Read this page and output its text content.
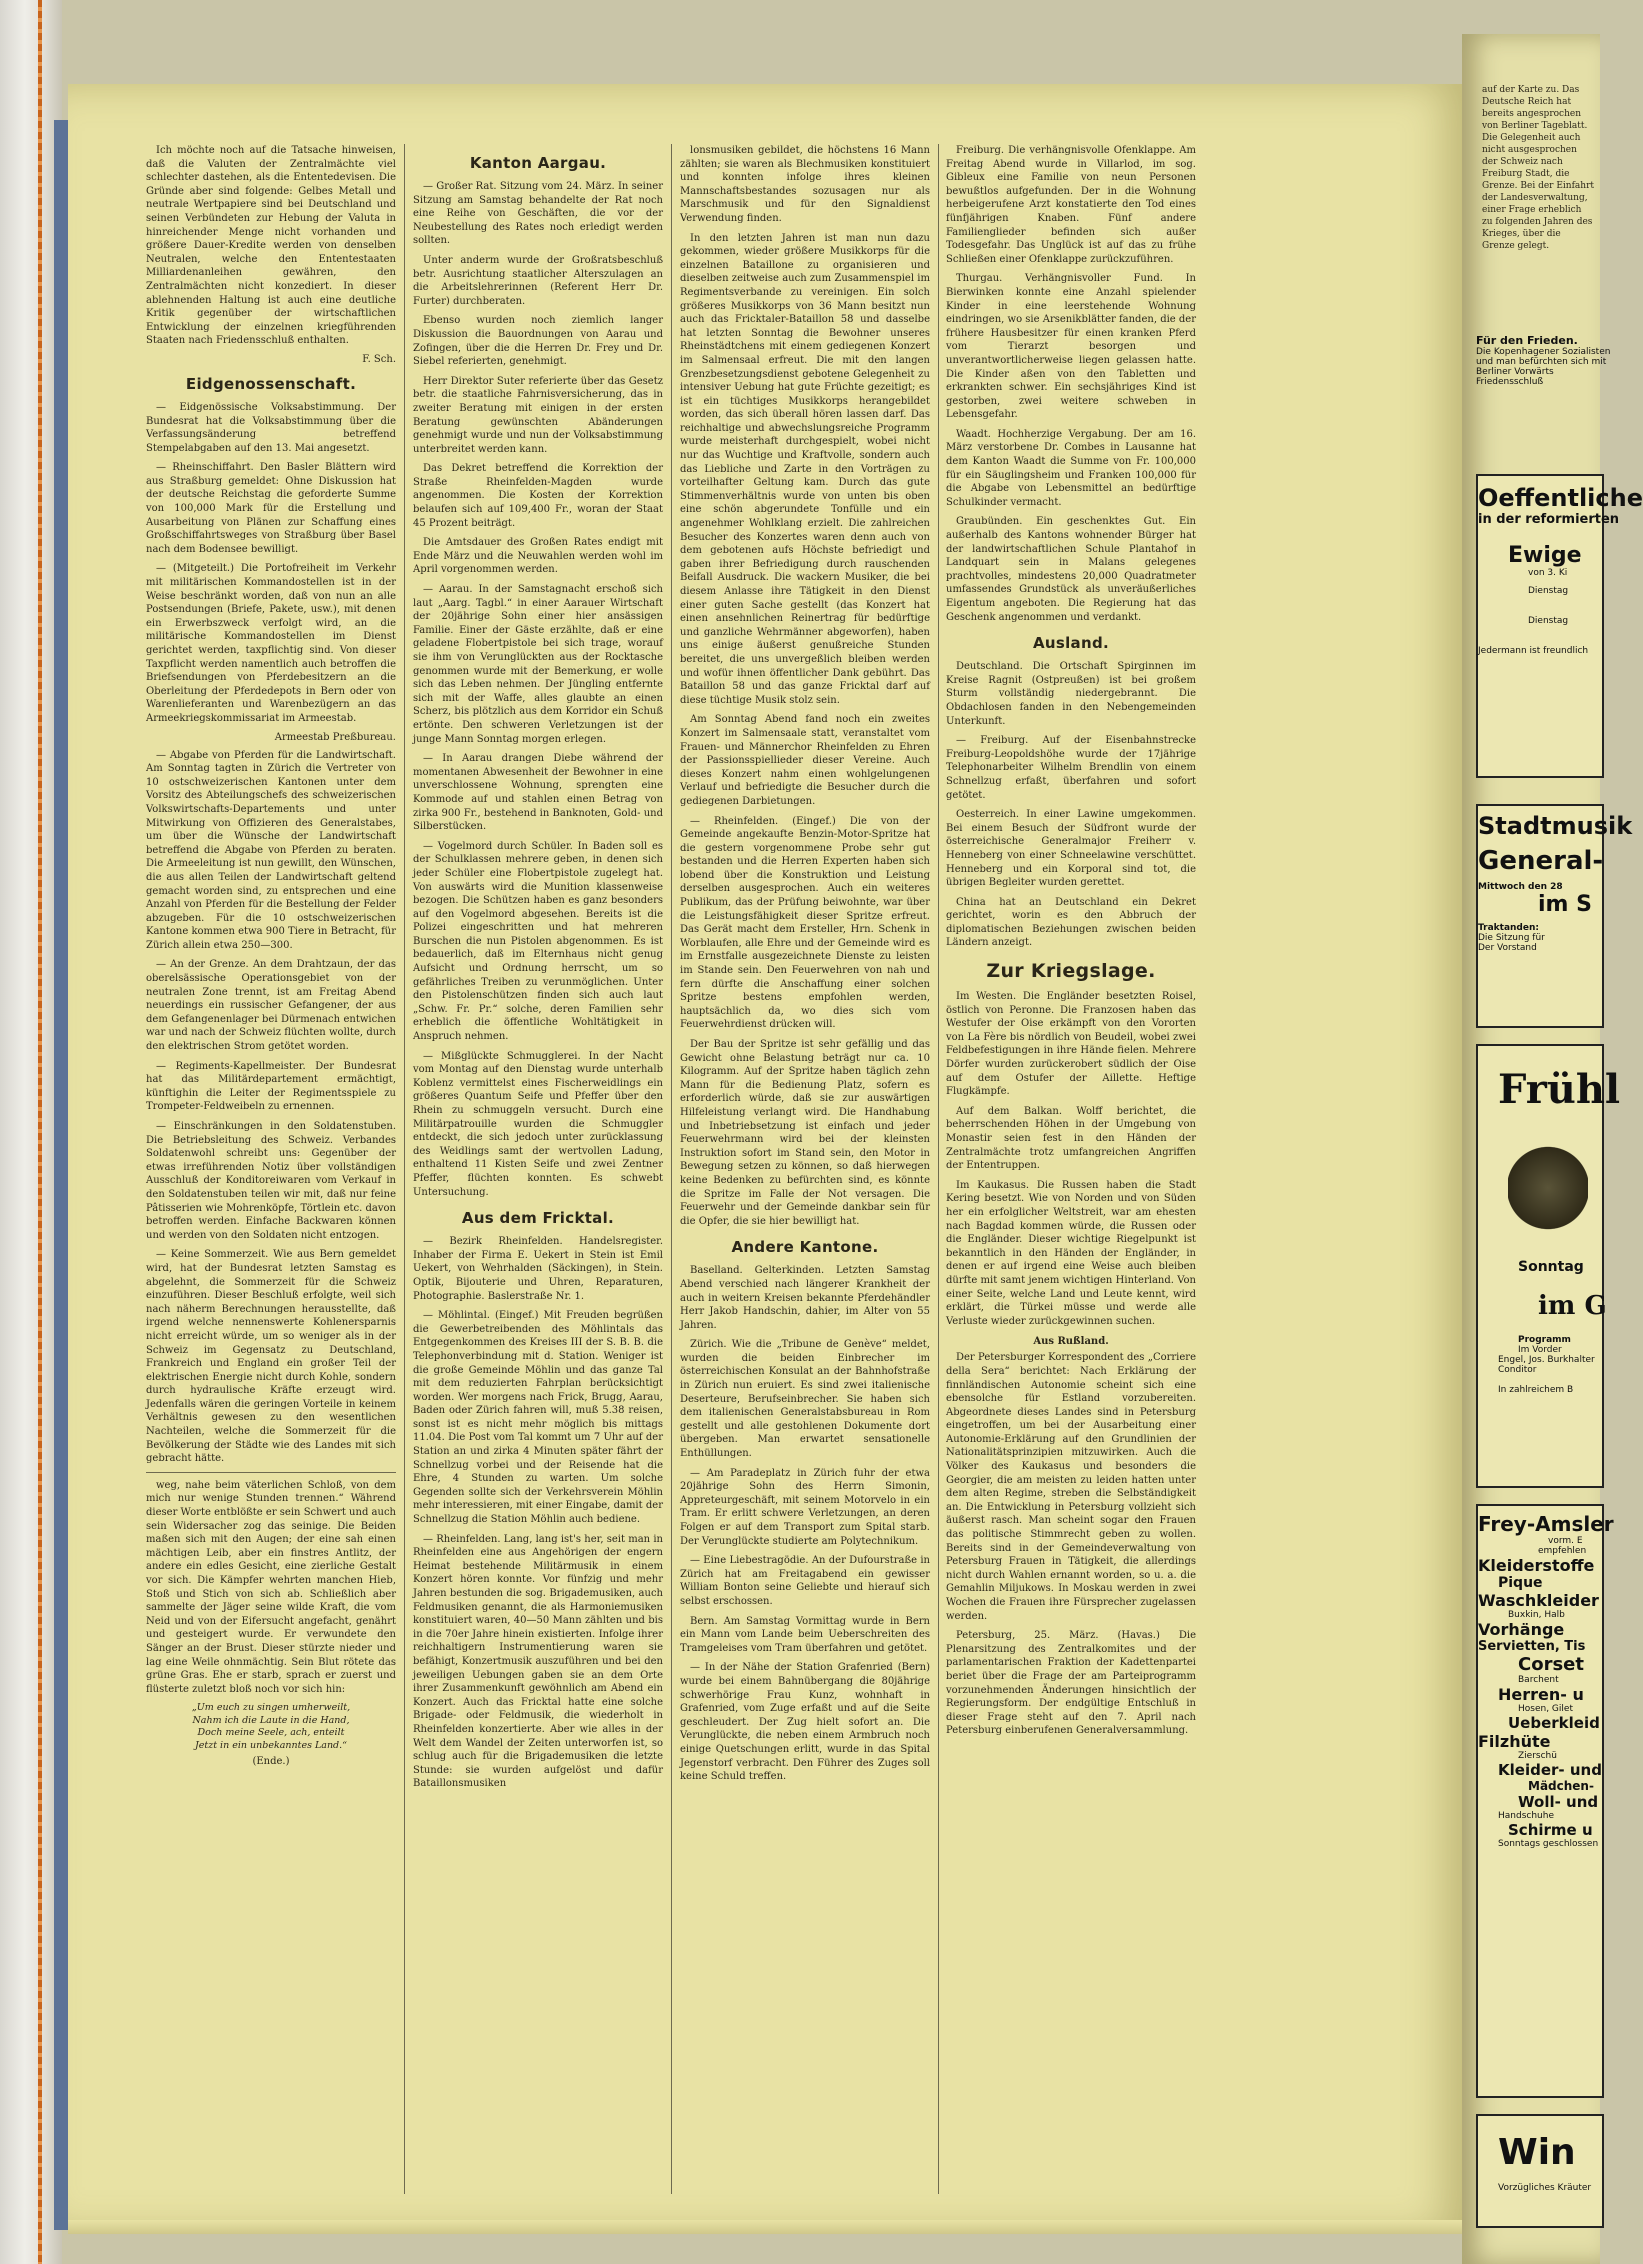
Ich möchte noch auf die Tatsache hinweisen, daß die Valuten der Zentralmächte viel schlechter dastehen, als die Ententedevisen. Die Gründe aber sind folgende: Gelbes Metall und neutrale Wertpapiere sind bei Deutschland und seinen Verbündeten zur Hebung der Valuta in hinreichender Menge nicht vorhanden und größere Dauer-Kredite werden von denselben Neutralen, welche den Ententestaaten Milliardenanleihen gewähren, den Zentralmächten nicht konzediert. In dieser ablehnenden Haltung ist auch eine deutliche Kritik gegenüber der wirtschaftlichen Entwicklung der einzelnen kriegführenden Staaten nach Friedensschluß enthalten.

F. Sch.

Eidgenossenschaft.

— Eidgenössische Volksabstimmung. Der Bundesrat hat die Volksabstimmung über die Verfassungsänderung betreffend Stempelabgaben auf den 13. Mai angesetzt.

— Rheinschiffahrt. Den Basler Blättern wird aus Straßburg gemeldet: Ohne Diskussion hat der deutsche Reichstag die geforderte Summe von 100,000 Mark für die Erstellung und Ausarbeitung von Plänen zur Schaffung eines Großschiffahrtsweges von Straßburg über Basel nach dem Bodensee bewilligt.

— (Mitgeteilt.) Die Portofreiheit im Verkehr mit militärischen Kommandostellen ist in der Weise beschränkt worden, daß von nun an alle Postsendungen (Briefe, Pakete, usw.), mit denen ein Erwerbszweck verfolgt wird, an die militärische Kommandostellen im Dienst gerichtet werden, taxpflichtig sind. Von dieser Taxpflicht werden namentlich auch betroffen die Briefsendungen von Pferdebesitzern an die Oberleitung der Pferdedepots in Bern oder von Warenlieferanten und Warenbezügern an das Armeekriegskommissariat im Armeestab.

Armeestab Preßbureau.

— Abgabe von Pferden für die Landwirtschaft. Am Sonntag tagten in Zürich die Vertreter von 10 ostschweizerischen Kantonen unter dem Vorsitz des Abteilungschefs des schweizerischen Volkswirtschafts-Departements und unter Mitwirkung von Offizieren des Generalstabes, um über die Wünsche der Landwirtschaft betreffend die Abgabe von Pferden zu beraten. Die Armeeleitung ist nun gewillt, den Wünschen, die aus allen Teilen der Landwirtschaft geltend gemacht worden sind, zu entsprechen und eine Anzahl von Pferden für die Bestellung der Felder abzugeben. Für die 10 ostschweizerischen Kantone kommen etwa 900 Tiere in Betracht, für Zürich allein etwa 250—300.

— An der Grenze. An dem Drahtzaun, der das oberelsässische Operationsgebiet von der neutralen Zone trennt, ist am Freitag Abend neuerdings ein russischer Gefangener, der aus dem Gefangenenlager bei Dürmenach entwichen war und nach der Schweiz flüchten wollte, durch den elektrischen Strom getötet worden.

— Regiments-Kapellmeister. Der Bundesrat hat das Militärdepartement ermächtigt, künftighin die Leiter der Regimentsspiele zu Trompeter-Feldweibeln zu ernennen.

— Einschränkungen in den Soldatenstuben. Die Betriebsleitung des Schweiz. Verbandes Soldatenwohl schreibt uns: Gegenüber der etwas irreführenden Notiz über vollständigen Ausschluß der Konditoreiwaren vom Verkauf in den Soldatenstuben teilen wir mit, daß nur feine Pâtisserien wie Mohrenköpfe, Törtlein etc. davon betroffen werden. Einfache Backwaren können und werden von den Soldaten nicht entzogen.

— Keine Sommerzeit. Wie aus Bern gemeldet wird, hat der Bundesrat letzten Samstag es abgelehnt, die Sommerzeit für die Schweiz einzuführen. Dieser Beschluß erfolgte, weil sich nach näherm Berechnungen herausstellte, daß irgend welche nennenswerte Kohlenersparnis nicht erreicht würde, um so weniger als in der Schweiz im Gegensatz zu Deutschland, Frankreich und England ein großer Teil der elektrischen Energie nicht durch Kohle, sondern durch hydraulische Kräfte erzeugt wird. Jedenfalls wären die geringen Vorteile in keinem Verhältnis gewesen zu den wesentlichen Nachteilen, welche die Sommerzeit für die Bevölkerung der Städte wie des Landes mit sich gebracht hätte.

weg, nahe beim väterlichen Schloß, von dem mich nur wenige Stunden trennen.“ Während dieser Worte entblößte er sein Schwert und auch sein Widersacher zog das seinige. Die Beiden maßen sich mit den Augen; der eine sah einen mächtigen Leib, aber ein finstres Antlitz, der andere ein edles Gesicht, eine zierliche Gestalt vor sich. Die Kämpfer wehrten manchen Hieb, Stoß und Stich von sich ab. Schließlich aber sammelte der Jäger seine wilde Kraft, die vom Neid und von der Eifersucht angefacht, genährt und gesteigert wurde. Er verwundete den Sänger an der Brust. Dieser stürzte nieder und lag eine Weile ohnmächtig. Sein Blut rötete das grüne Gras. Ehe er starb, sprach er zuerst und flüsterte zuletzt bloß noch vor sich hin:

„Um euch zu singen umherweilt,
Nahm ich die Laute in die Hand,
Doch meine Seele, ach, enteilt
Jetzt in ein unbekanntes Land.“

(Ende.)

Kanton Aargau.

— Großer Rat. Sitzung vom 24. März. In seiner Sitzung am Samstag behandelte der Rat noch eine Reihe von Geschäften, die vor der Neubestellung des Rates noch erledigt werden sollten.

Unter anderm wurde der Großratsbeschluß betr. Ausrichtung staatlicher Alterszulagen an die Arbeitslehrerinnen (Referent Herr Dr. Furter) durchberaten.

Ebenso wurden noch ziemlich langer Diskussion die Bauordnungen von Aarau und Zofingen, über die die Herren Dr. Frey und Dr. Siebel referierten, genehmigt.

Herr Direktor Suter referierte über das Gesetz betr. die staatliche Fahrnisversicherung, das in zweiter Beratung mit einigen in der ersten Beratung gewünschten Abänderungen genehmigt wurde und nun der Volksabstimmung unterbreitet werden kann.

Das Dekret betreffend die Korrektion der Straße Rheinfelden-Magden wurde angenommen. Die Kosten der Korrektion belaufen sich auf 109,400 Fr., woran der Staat 45 Prozent beiträgt.

Die Amtsdauer des Großen Rates endigt mit Ende März und die Neuwahlen werden wohl im April vorgenommen werden.

— Aarau. In der Samstagnacht erschoß sich laut „Aarg. Tagbl.“ in einer Aarauer Wirtschaft der 20jährige Sohn einer hier ansässigen Familie. Einer der Gäste erzählte, daß er eine geladene Flobertpistole bei sich trage, worauf sie ihm von Verunglückten aus der Rocktasche genommen wurde mit der Bemerkung, er wolle sich das Leben nehmen. Der Jüngling entfernte sich mit der Waffe, alles glaubte an einen Scherz, bis plötzlich aus dem Korridor ein Schuß ertönte. Den schweren Verletzungen ist der junge Mann Sonntag morgen erlegen.

— In Aarau drangen Diebe während der momentanen Abwesenheit der Bewohner in eine unverschlossene Wohnung, sprengten eine Kommode auf und stahlen einen Betrag von zirka 900 Fr., bestehend in Banknoten, Gold- und Silberstücken.

— Vogelmord durch Schüler. In Baden soll es der Schulklassen mehrere geben, in denen sich jeder Schüler eine Flobertpistole zugelegt hat. Von auswärts wird die Munition klassenweise bezogen. Die Schützen haben es ganz besonders auf den Vogelmord abgesehen. Bereits ist die Polizei eingeschritten und hat mehreren Burschen die nun Pistolen abgenommen. Es ist bedauerlich, daß im Elternhaus nicht genug Aufsicht und Ordnung herrscht, um so gefährliches Treiben zu verunmöglichen. Unter den Pistolenschützen finden sich auch laut „Schw. Fr. Pr.“ solche, deren Familien sehr erheblich die öffentliche Wohltätigkeit in Anspruch nehmen.

— Mißglückte Schmugglerei. In der Nacht vom Montag auf den Dienstag wurde unterhalb Koblenz vermittelst eines Fischerweidlings ein größeres Quantum Seife und Pfeffer über den Rhein zu schmuggeln versucht. Durch eine Militärpatrouille wurden die Schmuggler entdeckt, die sich jedoch unter zurücklassung des Weidlings samt der wertvollen Ladung, enthaltend 11 Kisten Seife und zwei Zentner Pfeffer, flüchten konnten. Es schwebt Untersuchung.

Aus dem Fricktal.

— Bezirk Rheinfelden. Handelsregister. Inhaber der Firma E. Uekert in Stein ist Emil Uekert, von Wehrhalden (Säckingen), in Stein. Optik, Bijouterie und Uhren, Reparaturen, Photographie. Baslerstraße Nr. 1.

— Möhlintal. (Eingef.) Mit Freuden begrüßen die Gewerbetreibenden des Möhlintals das Entgegenkommen des Kreises III der S. B. B. die Telephonverbindung mit d. Station. Weniger ist die große Gemeinde Möhlin und das ganze Tal mit dem reduzierten Fahrplan berücksichtigt worden. Wer morgens nach Frick, Brugg, Aarau, Baden oder Zürich fahren will, muß 5.38 reisen, sonst ist es nicht mehr möglich bis mittags 11.04. Die Post vom Tal kommt um 7 Uhr auf der Station an und zirka 4 Minuten später fährt der Schnellzug vorbei und der Reisende hat die Ehre, 4 Stunden zu warten. Um solche Gegenden sollte sich der Verkehrsverein Möhlin mehr interessieren, mit einer Eingabe, damit der Schnellzug die Station Möhlin auch bediene.

— Rheinfelden. Lang, lang ist's her, seit man in Rheinfelden eine aus Angehörigen der engern Heimat bestehende Militärmusik in einem Konzert hören konnte. Vor fünfzig und mehr Jahren bestunden die sog. Brigademusiken, auch Feldmusiken genannt, die als Harmoniemusiken konstituiert waren, 40—50 Mann zählten und bis in die 70er Jahre hinein existierten. Infolge ihrer reichhaltigern Instrumentierung waren sie befähigt, Konzertmusik auszuführen und bei den jeweiligen Uebungen gaben sie an dem Orte ihrer Zusammenkunft gewöhnlich am Abend ein Konzert. Auch das Fricktal hatte eine solche Brigade- oder Feldmusik, die wiederholt in Rheinfelden konzertierte. Aber wie alles in der Welt dem Wandel der Zeiten unterworfen ist, so schlug auch für die Brigademusiken die letzte Stunde: sie wurden aufgelöst und dafür Bataillonsmusiken

lonsmusiken gebildet, die höchstens 16 Mann zählten; sie waren als Blechmusiken konstituiert und konnten infolge ihres kleinen Mannschaftsbestandes sozusagen nur als Marschmusik und für den Signaldienst Verwendung finden.

In den letzten Jahren ist man nun dazu gekommen, wieder größere Musikkorps für die einzelnen Bataillone zu organisieren und dieselben zeitweise auch zum Zusammenspiel im Regimentsverbande zu vereinigen. Ein solch größeres Musikkorps von 36 Mann besitzt nun auch das Fricktaler-Bataillon 58 und dasselbe hat letzten Sonntag die Bewohner unseres Rheinstädtchens mit einem gediegenen Konzert im Salmensaal erfreut. Die mit den langen Grenzbesetzungsdienst gebotene Gelegenheit zu intensiver Uebung hat gute Früchte gezeitigt; es ist ein tüchtiges Musikkorps herangebildet worden, das sich überall hören lassen darf. Das reichhaltige und abwechslungsreiche Programm wurde meisterhaft durchgespielt, wobei nicht nur das Wuchtige und Kraftvolle, sondern auch das Liebliche und Zarte in den Vorträgen zu vorteilhafter Geltung kam. Durch das gute Stimmenverhältnis wurde von unten bis oben eine schön abgerundete Tonfülle und ein angenehmer Wohlklang erzielt. Die zahlreichen Besucher des Konzertes waren denn auch von dem gebotenen aufs Höchste befriedigt und gaben ihrer Befriedigung durch rauschenden Beifall Ausdruck. Die wackern Musiker, die bei diesem Anlasse ihre Tätigkeit in den Dienst einer guten Sache gestellt (das Konzert hat einen ansehnlichen Reinertrag für bedürftige und ganzliche Wehrmänner abgeworfen), haben uns einige äußerst genußreiche Stunden bereitet, die uns unvergeßlich bleiben werden und wofür ihnen öffentlicher Dank gebührt. Das Bataillon 58 und das ganze Fricktal darf auf diese tüchtige Musik stolz sein.

Am Sonntag Abend fand noch ein zweites Konzert im Salmensaale statt, veranstaltet vom Frauen- und Männerchor Rheinfelden zu Ehren der Passionsspiellieder dieser Vereine. Auch dieses Konzert nahm einen wohlgelungenen Verlauf und befriedigte die Besucher durch die gediegenen Darbietungen.

— Rheinfelden. (Eingef.) Die von der Gemeinde angekaufte Benzin-Motor-Spritze hat die gestern vorgenommene Probe sehr gut bestanden und die Herren Experten haben sich lobend über die Konstruktion und Leistung derselben ausgesprochen. Auch ein weiteres Publikum, das der Prüfung beiwohnte, war über die Leistungsfähigkeit dieser Spritze erfreut. Das Gerät macht dem Ersteller, Hrn. Schenk in Worblaufen, alle Ehre und der Gemeinde wird es im Ernstfalle ausgezeichnete Dienste zu leisten im Stande sein. Den Feuerwehren von nah und fern dürfte die Anschaffung einer solchen Spritze bestens empfohlen werden, hauptsächlich da, wo dies sich vom Feuerwehrdienst drücken will.

Der Bau der Spritze ist sehr gefällig und das Gewicht ohne Belastung beträgt nur ca. 10 Kilogramm. Auf der Spritze haben täglich zehn Mann für die Bedienung Platz, sofern es erforderlich würde, daß sie zur auswärtigen Hilfeleistung verlangt wird. Die Handhabung und Inbetriebsetzung ist einfach und jeder Feuerwehrmann wird bei der kleinsten Instruktion sofort im Stand sein, den Motor in Bewegung setzen zu können, so daß hierwegen keine Bedenken zu befürchten sind, es könnte die Spritze im Falle der Not versagen. Die Feuerwehr und der Gemeinde dankbar sein für die Opfer, die sie hier bewilligt hat.

Andere Kantone.

Baselland. Gelterkinden. Letzten Samstag Abend verschied nach längerer Krankheit der auch in weitern Kreisen bekannte Pferdehändler Herr Jakob Handschin, dahier, im Alter von 55 Jahren.

Zürich. Wie die „Tribune de Genève“ meldet, wurden die beiden Einbrecher im österreichischen Konsulat an der Bahnhofstraße in Zürich nun eruiert. Es sind zwei italienische Deserteure, Berufseinbrecher. Sie haben sich dem italienischen Generalstabsbureau in Rom gestellt und alle gestohlenen Dokumente dort übergeben. Man erwartet sensationelle Enthüllungen.

— Am Paradeplatz in Zürich fuhr der etwa 20jährige Sohn des Herrn Simonin, Appreteurgeschäft, mit seinem Motorvelo in ein Tram. Er erlitt schwere Verletzungen, an deren Folgen er auf dem Transport zum Spital starb. Der Verunglückte studierte am Polytechnikum.

— Eine Liebestragödie. An der Dufourstraße in Zürich hat am Freitagabend ein gewisser William Bonton seine Geliebte und hierauf sich selbst erschossen.

Bern. Am Samstag Vormittag wurde in Bern ein Mann vom Lande beim Ueberschreiten des Tramgeleises vom Tram überfahren und getötet.

— In der Nähe der Station Grafenried (Bern) wurde bei einem Bahnübergang die 80jährige schwerhörige Frau Kunz, wohnhaft in Grafenried, vom Zuge erfaßt und auf die Seite geschleudert. Der Zug hielt sofort an. Die Verunglückte, die neben einem Armbruch noch einige Quetschungen erlitt, wurde in das Spital Jegenstorf verbracht. Den Führer des Zuges soll keine Schuld treffen.

Freiburg. Die verhängnisvolle Ofenklappe. Am Freitag Abend wurde in Villarlod, im sog. Gibleux eine Familie von neun Personen bewußtlos aufgefunden. Der in die Wohnung herbeigerufene Arzt konstatierte den Tod eines fünfjährigen Knaben. Fünf andere Familienglieder befinden sich außer Todesgefahr. Das Unglück ist auf das zu frühe Schließen einer Ofenklappe zurückzuführen.

Thurgau. Verhängnisvoller Fund. In Bierwinken konnte eine Anzahl spielender Kinder in eine leerstehende Wohnung eindringen, wo sie Arsenikblätter fanden, die der frühere Hausbesitzer für einen kranken Pferd vom Tierarzt besorgen und unverantwortlicherweise liegen gelassen hatte. Die Kinder aßen von den Tabletten und erkrankten schwer. Ein sechsjähriges Kind ist gestorben, zwei weitere schweben in Lebensgefahr.

Waadt. Hochherzige Vergabung. Der am 16. März verstorbene Dr. Combes in Lausanne hat dem Kanton Waadt die Summe von Fr. 100,000 für ein Säuglingsheim und Franken 100,000 für die Abgabe von Lebensmittel an bedürftige Schulkinder vermacht.

Graubünden. Ein geschenktes Gut. Ein außerhalb des Kantons wohnender Bürger hat der landwirtschaftlichen Schule Plantahof in Landquart sein in Malans gelegenes prachtvolles, mindestens 20,000 Quadratmeter umfassendes Grundstück als unveräußerliches Eigentum angeboten. Die Regierung hat das Geschenk angenommen und verdankt.

Ausland.

Deutschland. Die Ortschaft Spirginnen im Kreise Ragnit (Ostpreußen) ist bei großem Sturm vollständig niedergebrannt. Die Obdachlosen fanden in den Nebengemeinden Unterkunft.

— Freiburg. Auf der Eisenbahnstrecke Freiburg-Leopoldshöhe wurde der 17jährige Telephonarbeiter Wilhelm Brendlin von einem Schnellzug erfaßt, überfahren und sofort getötet.

Oesterreich. In einer Lawine umgekommen. Bei einem Besuch der Südfront wurde der österreichische Generalmajor Freiherr v. Henneberg von einer Schneelawine verschüttet. Henneberg und ein Korporal sind tot, die übrigen Begleiter wurden gerettet.

China hat an Deutschland ein Dekret gerichtet, worin es den Abbruch der diplomatischen Beziehungen zwischen beiden Ländern anzeigt.

Zur Kriegslage.

Im Westen. Die Engländer besetzten Roisel, östlich von Peronne. Die Franzosen haben das Westufer der Oise erkämpft von den Vororten von La Fère bis nördlich von Beudeil, wobei zwei Feldbefestigungen in ihre Hände fielen. Mehrere Dörfer wurden zurückerobert südlich der Oise auf dem Ostufer der Aillette. Heftige Flugkämpfe.

Auf dem Balkan. Wolff berichtet, die beherrschenden Höhen in der Umgebung von Monastir seien fest in den Händen der Zentralmächte trotz umfangreichen Angriffen der Ententruppen.

Im Kaukasus. Die Russen haben die Stadt Kering besetzt. Wie von Norden und von Süden her ein erfolglicher Weltstreit, war am ehesten nach Bagdad kommen würde, die Russen oder die Engländer. Dieser wichtige Riegelpunkt ist bekanntlich in den Händen der Engländer, in denen er auf irgend eine Weise auch bleiben dürfte mit samt jenem wichtigen Hinterland. Von einer Seite, welche Land und Leute kennt, wird erklärt, die Türkei müsse und werde alle Verluste wieder zurückgewinnen suchen.

Aus Rußland.

Der Petersburger Korrespondent des „Corriere della Sera“ berichtet: Nach Erklärung der finnländischen Autonomie scheint sich eine ebensolche für Estland vorzubereiten. Abgeordnete dieses Landes sind in Petersburg eingetroffen, um bei der Ausarbeitung einer Autonomie-Erklärung auf den Grundlinien der Nationalitätsprinzipien mitzuwirken. Auch die Völker des Kaukasus und besonders die Georgier, die am meisten zu leiden hatten unter dem alten Regime, streben die Selbständigkeit an. Die Entwicklung in Petersburg vollzieht sich äußerst rasch. Man scheint sogar den Frauen das politische Stimmrecht geben zu wollen. Bereits sind in der Gemeindeverwaltung von Petersburg Frauen in Tätigkeit, die allerdings nicht durch Wahlen ernannt worden, so u. a. die Gemahlin Miljukows. In Moskau werden in zwei Wochen die Frauen ihre Fürsprecher zugelassen werden.

Petersburg, 25. März. (Havas.) Die Plenarsitzung des Zentralkomites und der parlamentarischen Fraktion der Kadettenpartei beriet über die Frage der am Parteiprogramm vorzunehmenden Änderungen hinsichtlich der Regierungsform. Der endgültige Entschluß in dieser Frage steht auf den 7. April nach Petersburg einberufenen Generalversammlung.

auf der Karte zu. Das Deutsche Reich hat bereits angesprochen von Berliner Tageblatt. Die Gelegenheit auch nicht ausgesprochen der Schweiz nach Freiburg Stadt, die Grenze. Bei der Einfahrt der Landesverwaltung, einer Frage erheblich zu folgenden Jahren des Krieges, über die Grenze gelegt.
Für den Frieden.
Die Kopenhagener Sozialisten
und man befürchten sich mit
Berliner Vorwärts
Friedensschluß
Oeffentliche
in der reformierten
Ewige
von 3. Ki
Dienstag
Dienstag
Jedermann ist freundlich
Stadtmusik
General-
Mittwoch den 28
im S
Traktanden:
Die Sitzung für
Der Vorstand
Frühl
Sonntag
im G
Programm
Im Vorder
Engel, Jos. Burkhalter
Conditor
In zahlreichem B
Frey-Amsler
vorm. E
empfehlen
Kleiderstoffe
Pique
Waschkleider
Buxkin, Halb
Vorhänge
Servietten, Tis
Corset
Barchent
Herren- u
Hosen, Gilet
Ueberkleid
Filzhüte
Zierschü
Kleider- und
Mädchen-
Woll- und
Handschuhe
Schirme u
Sonntags geschlossen
Win
Vorzügliches Kräuter
